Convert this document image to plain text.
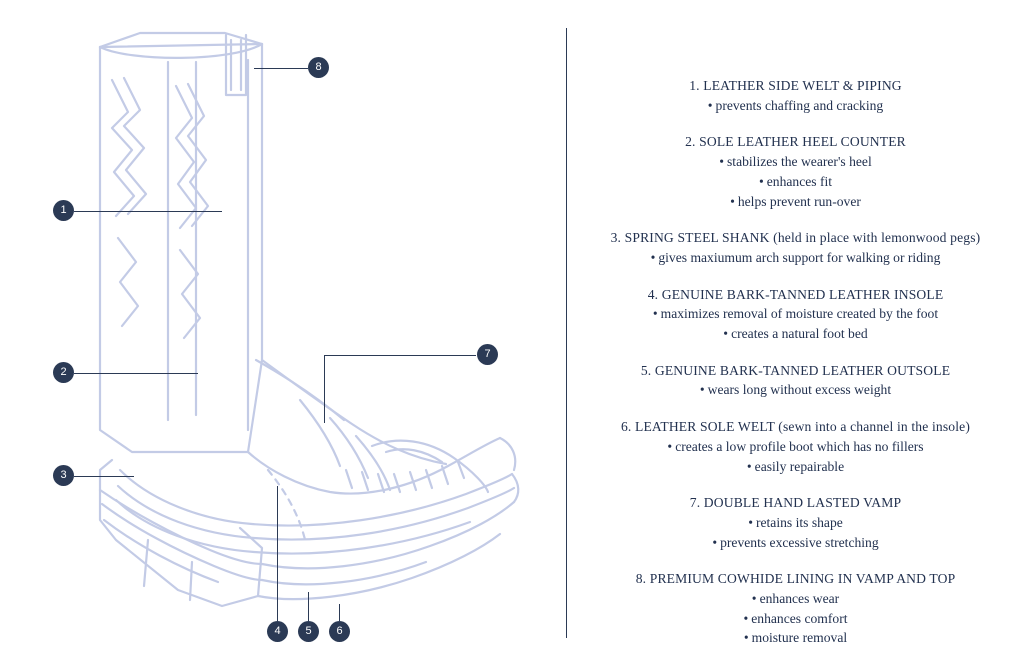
1
2
3
4	5	6
7
8
1. LEATHER SIDE WELT & PIPING
• prevents chaffing and cracking
2. SOLE LEATHER HEEL COUNTER
• stabilizes the wearer's heel
• enhances fit
• helps prevent run-over
3. SPRING STEEL SHANK (held in place with lemonwood pegs)
• gives maxiumum arch support for walking or riding
4. GENUINE BARK-TANNED LEATHER INSOLE
• maximizes removal of moisture created by the foot
• creates a natural foot bed
5. GENUINE BARK-TANNED LEATHER OUTSOLE
• wears long without excess weight
6. LEATHER SOLE WELT (sewn into a channel in the insole)
• creates a low profile boot which has no fillers
• easily repairable
7. DOUBLE HAND LASTED VAMP
• retains its shape
• prevents excessive stretching
8. PREMIUM COWHIDE LINING IN VAMP AND TOP
• enhances wear
• enhances comfort
• moisture removal
